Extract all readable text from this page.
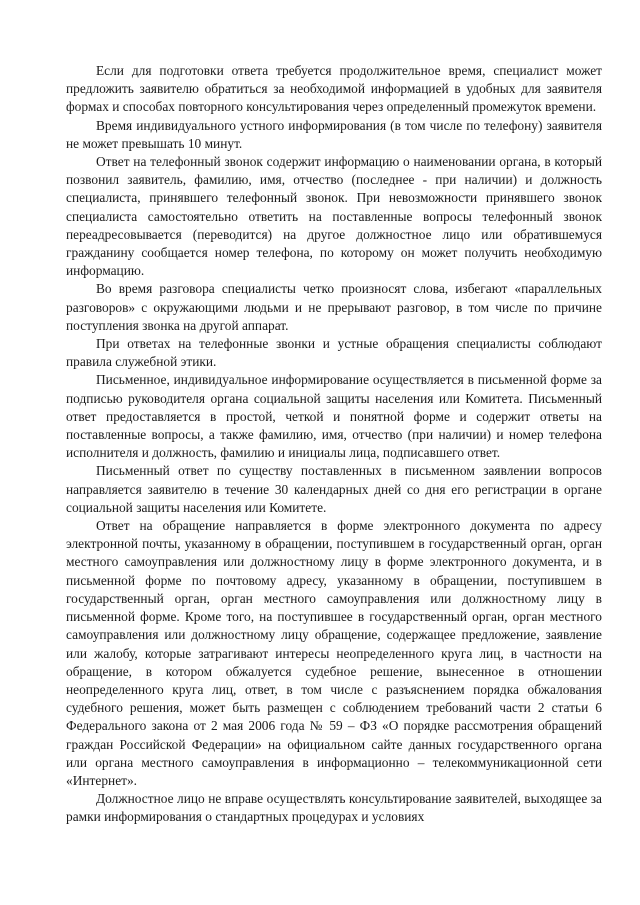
Если для подготовки ответа требуется продолжительное время, специалист может предложить заявителю обратиться за необходимой информацией в удобных для заявителя формах и способах повторного консультирования через определенный промежуток времени.

Время индивидуального устного информирования (в том числе по телефону) заявителя не может превышать 10 минут.

Ответ на телефонный звонок содержит информацию о наименовании органа, в который позвонил заявитель, фамилию, имя, отчество (последнее - при наличии) и должность специалиста, принявшего телефонный звонок. При невозможности принявшего звонок специалиста самостоятельно ответить на поставленные вопросы телефонный звонок переадресовывается (переводится) на другое должностное лицо или обратившемуся гражданину сообщается номер телефона, по которому он может получить необходимую информацию.

Во время разговора специалисты четко произносят слова, избегают «параллельных разговоров» с окружающими людьми и не прерывают разговор, в том числе по причине поступления звонка на другой аппарат.

При ответах на телефонные звонки и устные обращения специалисты соблюдают правила служебной этики.

Письменное, индивидуальное информирование осуществляется в письменной форме за подписью руководителя органа социальной защиты населения или Комитета. Письменный ответ предоставляется в простой, четкой и понятной форме и содержит ответы на поставленные вопросы, а также фамилию, имя, отчество (при наличии) и номер телефона исполнителя и должность, фамилию и инициалы лица, подписавшего ответ.

Письменный ответ по существу поставленных в письменном заявлении вопросов направляется заявителю в течение 30 календарных дней со дня его регистрации в органе социальной защиты населения или Комитете.

Ответ на обращение направляется в форме электронного документа по адресу электронной почты, указанному в обращении, поступившем в государственный орган, орган местного самоуправления или должностному лицу в форме электронного документа, и в письменной форме по почтовому адресу, указанному в обращении, поступившем в государственный орган, орган местного самоуправления или должностному лицу в письменной форме. Кроме того, на поступившее в государственный орган, орган местного самоуправления или должностному лицу обращение, содержащее предложение, заявление или жалобу, которые затрагивают интересы неопределенного круга лиц, в частности на обращение, в котором обжалуется судебное решение, вынесенное в отношении неопределенного круга лиц, ответ, в том числе с разъяснением порядка обжалования судебного решения, может быть размещен с соблюдением требований части 2 статьи 6 Федерального закона от 2 мая 2006 года № 59 – ФЗ «О порядке рассмотрения обращений граждан Российской Федерации» на официальном сайте данных государственного органа или органа местного самоуправления в информационно – телекоммуникационной сети «Интернет».

Должностное лицо не вправе осуществлять консультирование заявителей, выходящее за рамки информирования о стандартных процедурах и условиях
